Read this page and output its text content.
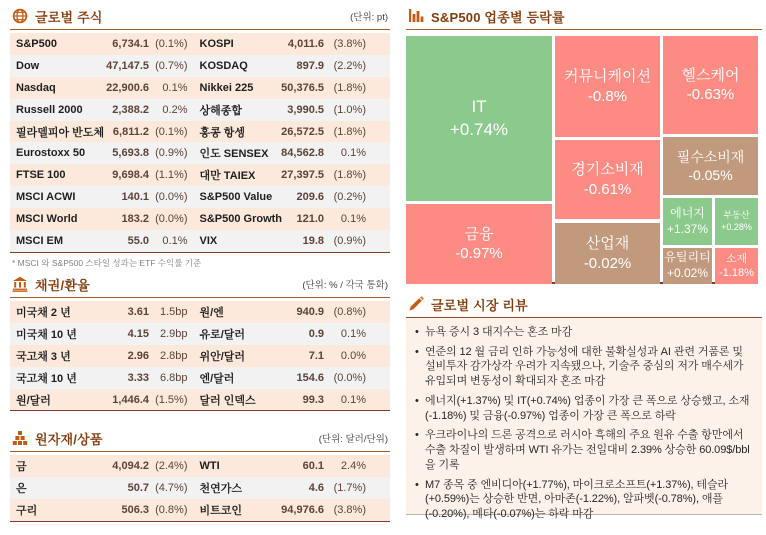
글로벌 주식	(단위: pt)
S&P500	6,734.1 (0.1%)	KOSPI	4,011.6 (3.8%)
Dow	47,147.5 (0.7%)	KOSDAQ	897.9 (2.2%)
Nasdaq	22,900.6	0.1%	Nikkei 225	50,376.5 (1.8%)
Russell 2000	2,388.2	0.2%	상해종합	3,990.5 (1.0%)
필라델피아 반도체 6,811.2 (0.1%)	홍콩 항셍	26,572.5 (1.8%)
Eurostoxx 50	5,693.8 (0.9%)	인도 SENSEX	84,562.8	0.1%
FTSE 100	9,698.4 (1.1%)	대만 TAIEX	27,397.5 (1.8%)
MSCI ACWI	140.1 (0.0%)	S&P500 Value	209.6 (0.2%)
MSCI World	183.2 (0.0%)	S&P500 Growth	121.0	0.1%
MSCI EM	55.0	0.1%	VIX	19.8 (0.9%)
* MSCI 와 S&P500 스타일 성과는 ETF 수익률 기준
채권/환율	(단위: % / 각국 통화)
미국채 2 년	3.61 1.5bp	원/엔	940.9 (0.8%)
미국채 10 년	4.15 2.9bp	유로/달러	0.9	0.1%
국고채 3 년	2.96 2.8bp	위안/달러	7.1	0.0%
국고채 10 년	3.33 6.8bp	엔/달러	154.6 (0.0%)
원/달러	1,446.4 (1.5%)	달러 인덱스	99.3	0.1%
원자재/상품	(단위: 달러/단위)
금	4,094.2 (2.4%)	WTI	60.1	2.4%
은	50.7 (4.7%)	천연가스	4.6 (1.7%)
구리	506.3 (0.8%)	비트코인	94,976.6 (3.8%)
S&P500 업종별 등락률
IT
+0.74%
금융
-0.97%
커뮤니케이션
-0.8%
경기소비재
-0.61%
산업재
-0.02%
헬스케어
-0.63%
필수소비재
-0.05%
에너지
+1.37%
부동산
+0.28%
유틸리티
+0.02%
소재
-1.18%
글로벌 시장 리뷰
• 뉴욕 증시 3 대지수는 혼조 마감
• 연준의 12 월 금리 인하 가능성에 대한 불확실성과 AI 관련 거품론 및 설비투자 감가상각 우려가 지속됐으나, 기술주 중심의 저가 매수세가 유입되며 변동성이 확대되자 혼조 마감
• 에너지(+1.37%) 및 IT(+0.74%) 업종이 가장 큰 폭으로 상승했고, 소재(-1.18%) 및 금융(-0.97%) 업종이 가장 큰 폭으로 하락
• 우크라이나의 드론 공격으로 러시아 흑해의 주요 원유 수출 항만에서 수출 차질이 발생하며 WTI 유가는 전일대비 2.39% 상승한 60.09$/bbl 을 기록
• M7 종목 중 엔비디아(+1.77%), 마이크로소프트(+1.37%), 테슬라(+0.59%)는 상승한 반면, 아마존(-1.22%), 알파벳(-0.78%), 애플(-0.20%), 메타(-0.07%)는 하락 마감
